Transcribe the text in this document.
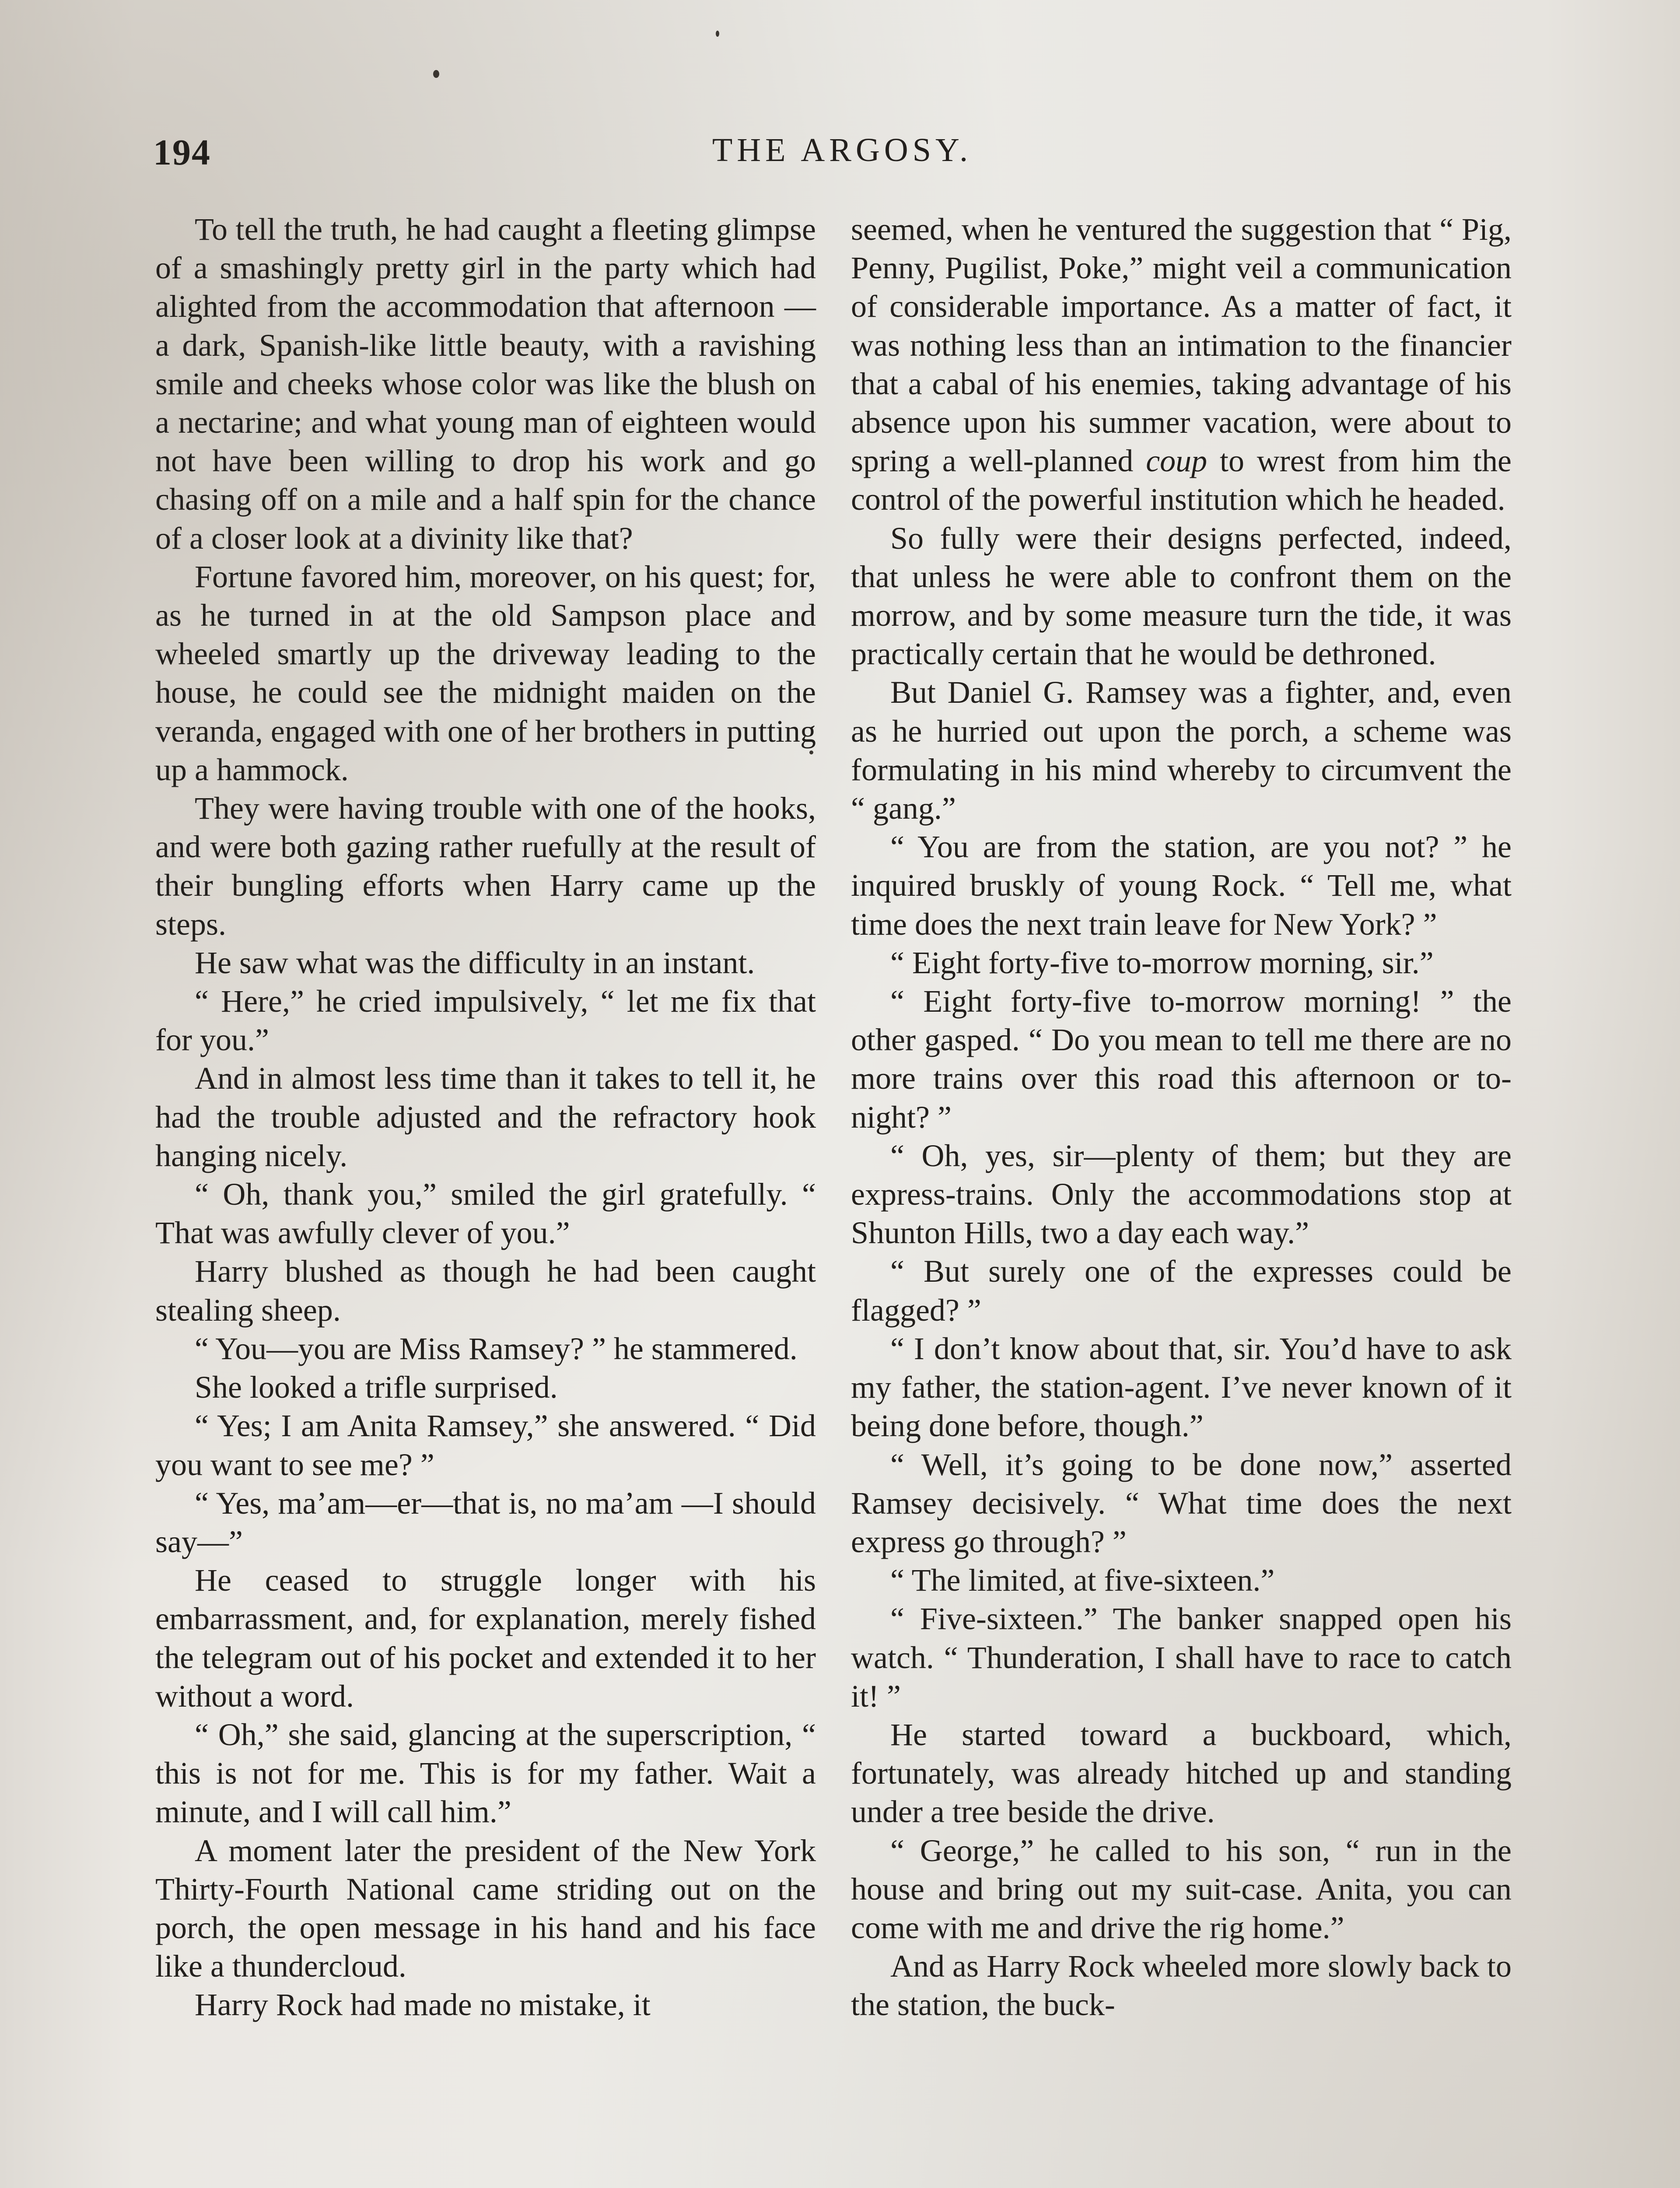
194	THE ARGOSY.

To tell the truth, he had caught a fleeting glimpse of a smashingly pretty girl in the party which had alighted from the accommodation that afternoon —a dark, Spanish-like little beauty, with a ravishing smile and cheeks whose color was like the blush on a nectarine; and what young man of eighteen would not have been willing to drop his work and go chasing off on a mile and a half spin for the chance of a closer look at a divinity like that?

Fortune favored him, moreover, on his quest; for, as he turned in at the old Sampson place and wheeled smartly up the driveway leading to the house, he could see the midnight maiden on the veranda, engaged with one of her brothers in putting up a hammock.

They were having trouble with one of the hooks, and were both gazing rather ruefully at the result of their bungling efforts when Harry came up the steps.

He saw what was the difficulty in an instant.

“ Here,” he cried impulsively, “ let me fix that for you.”

And in almost less time than it takes to tell it, he had the trouble adjusted and the refractory hook hanging nicely.

“ Oh, thank you,” smiled the girl gratefully. “ That was awfully clever of you.”

Harry blushed as though he had been caught stealing sheep.

“ You—you are Miss Ramsey? ” he stammered.

She looked a trifle surprised.

“ Yes; I am Anita Ramsey,” she answered. “ Did you want to see me? ”

“ Yes, ma’am—er—that is, no ma’am —I should say—”

He ceased to struggle longer with his embarrassment, and, for explanation, merely fished the telegram out of his pocket and extended it to her without a word.

“ Oh,” she said, glancing at the superscription, “ this is not for me. This is for my father. Wait a minute, and I will call him.”

A moment later the president of the New York Thirty-Fourth National came striding out on the porch, the open message in his hand and his face like a thundercloud.

Harry Rock had made no mistake, it

seemed, when he ventured the suggestion that “ Pig, Penny, Pugilist, Poke,” might veil a communication of considerable importance. As a matter of fact, it was nothing less than an intimation to the financier that a cabal of his enemies, taking advantage of his absence upon his summer vacation, were about to spring a well-planned coup to wrest from him the control of the powerful institution which he headed.

So fully were their designs perfected, indeed, that unless he were able to confront them on the morrow, and by some measure turn the tide, it was practically certain that he would be dethroned.

But Daniel G. Ramsey was a fighter, and, even as he hurried out upon the porch, a scheme was formulating in his mind whereby to circumvent the “ gang.”

“ You are from the station, are you not? ” he inquired bruskly of young Rock. “ Tell me, what time does the next train leave for New York? ”

“ Eight forty-five to-morrow morning, sir.”

“ Eight forty-five to-morrow morning! ” the other gasped. “ Do you mean to tell me there are no more trains over this road this afternoon or to-night? ”

“ Oh, yes, sir—plenty of them; but they are express-trains. Only the accommodations stop at Shunton Hills, two a day each way.”

“ But surely one of the expresses could be flagged? ”

“ I don’t know about that, sir. You’d have to ask my father, the station-agent. I’ve never known of it being done before, though.”

“ Well, it’s going to be done now,” asserted Ramsey decisively. “ What time does the next express go through? ”

“ The limited, at five-sixteen.”

“ Five-sixteen.” The banker snapped open his watch. “ Thunderation, I shall have to race to catch it! ”

He started toward a buckboard, which, fortunately, was already hitched up and standing under a tree beside the drive.

“ George,” he called to his son, “ run in the house and bring out my suit-case. Anita, you can come with me and drive the rig home.”

And as Harry Rock wheeled more slowly back to the station, the buck-
